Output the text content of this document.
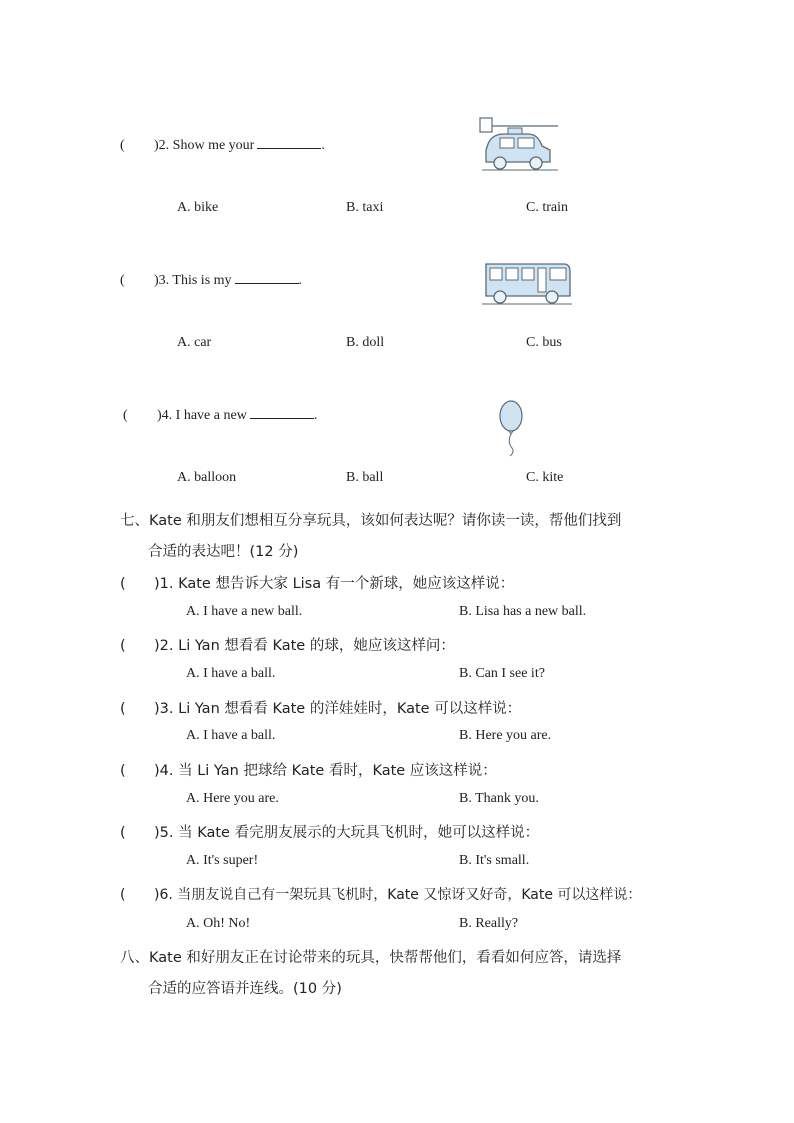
( )2. Show me your	.
A. bike	B. taxi	C. train
( )3. This is my	.
A. car	B. doll	C. bus
( )4. I have a new	.
A. balloon	B. ball	C. kite
七、Kate 和朋友们想相互分享玩具，该如何表达呢？请你读一读，帮他们找到
合适的表达吧！(12 分)
( )1. Kate 想告诉大家 Lisa 有一个新球，她应该这样说：
A. I have a new ball.	B. Lisa has a new ball.
( )2. Li Yan 想看看 Kate 的球，她应该这样问：
A. I have a ball.	B. Can I see it?
( )3. Li Yan 想看看 Kate 的洋娃娃时，Kate 可以这样说：
A. I have a ball.	B. Here you are.
( )4. 当 Li Yan 把球给 Kate 看时，Kate 应该这样说：
A. Here you are.	B. Thank you.
( )5. 当 Kate 看完朋友展示的大玩具飞机时，她可以这样说：
A. It's super!	B. It's small.
( )6. 当朋友说自己有一架玩具飞机时，Kate 又惊讶又好奇，Kate 可以这样说：
A. Oh! No!	B. Really?
八、Kate 和好朋友正在讨论带来的玩具，快帮帮他们，看看如何应答，请选择
合适的应答语并连线。(10 分)
